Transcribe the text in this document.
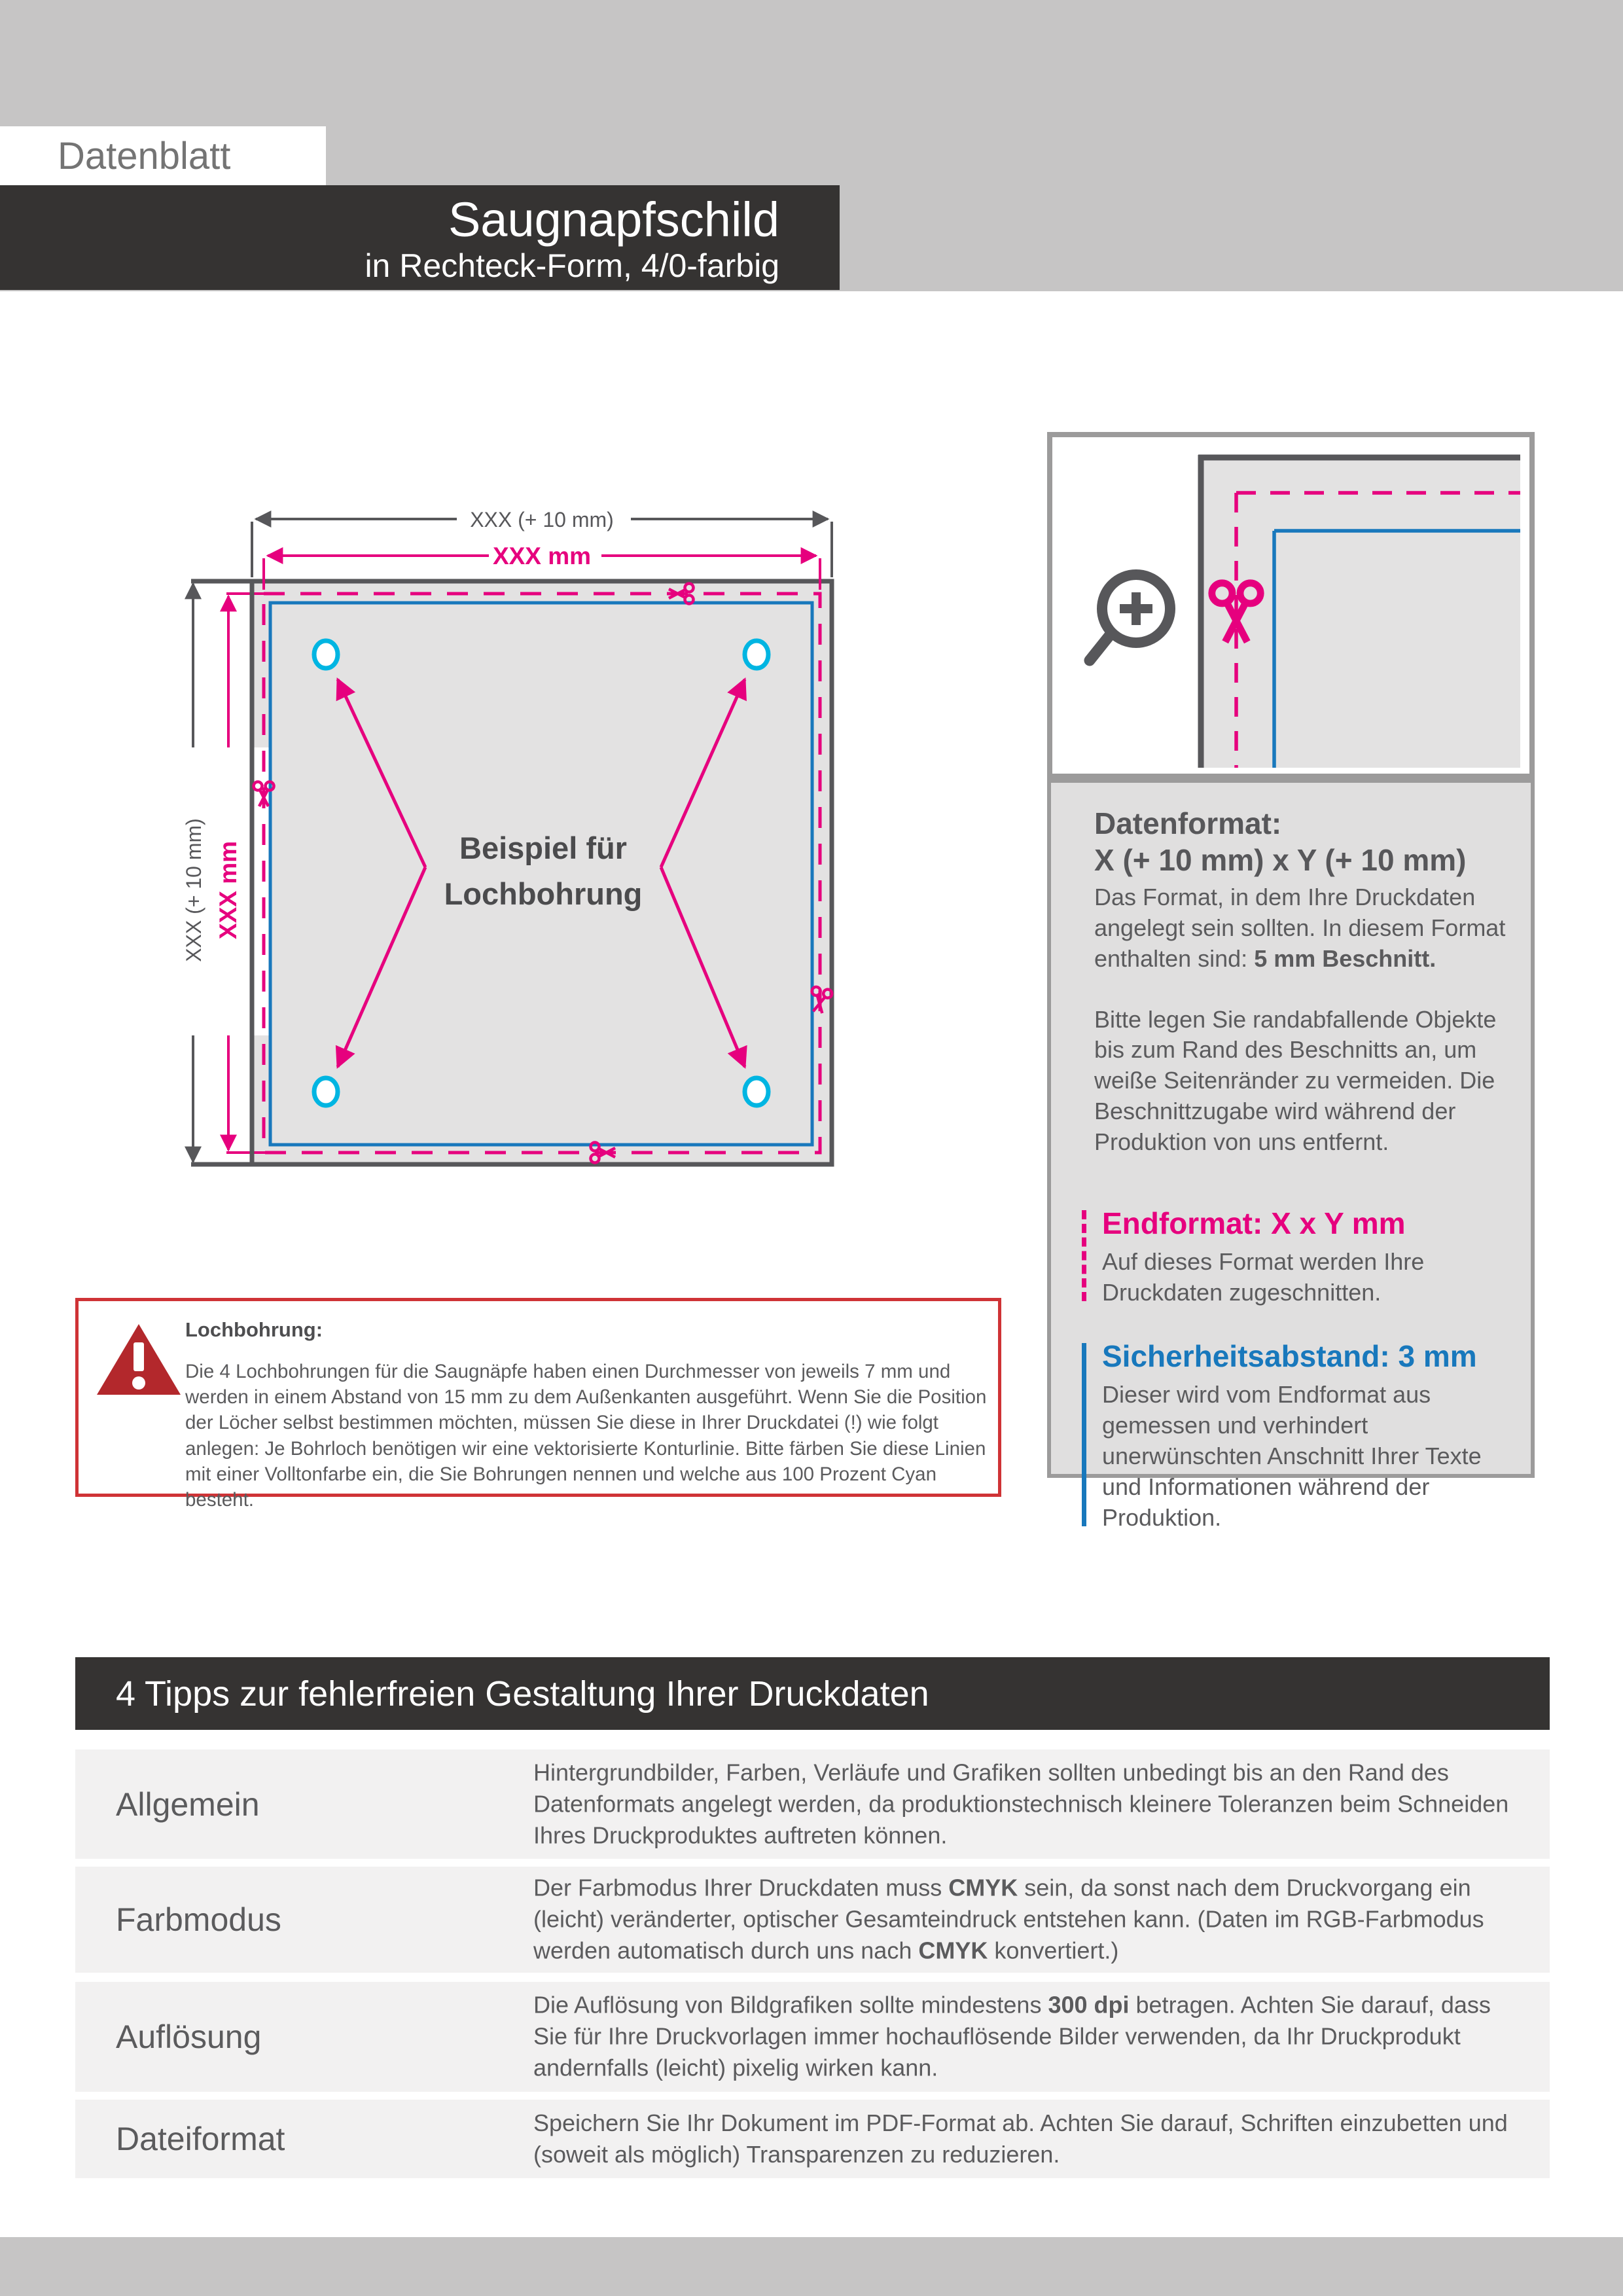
Datenblatt
Saugnapfschild
in Rechteck-Form, 4/0-farbig
XXX (+ 10 mm)
XXX mm
XXX (+ 10 mm) XXX mm	Beispiel für
Lochbohrung
Datenformat:
X (+ 10 mm) x Y (+ 10 mm)

Das Format, in dem Ihre Druckdaten angelegt sein sollten. In diesem Format enthalten sind: 5 mm Beschnitt.

Bitte legen Sie randabfallende Objekte bis zum Rand des Beschnitts an, um weiße Seitenränder zu vermeiden. Die Beschnittzugabe wird während der Produktion von uns entfernt.

Endformat: X x Y mm

Auf dieses Format werden Ihre Druckdaten zugeschnitten.

Sicherheitsabstand: 3 mm

Dieser wird vom Endformat aus gemessen und verhindert unerwünschten Anschnitt Ihrer Texte und Informationen während der Produktion.

Lochbohrung:

Die 4 Lochbohrungen für die Saugnäpfe haben einen Durchmesser von jeweils 7 mm und werden in einem Abstand von 15 mm zu dem Außenkanten ausgeführt. Wenn Sie die Position der Löcher selbst bestimmen möchten, müssen Sie diese in Ihrer Druckdatei (!) wie folgt anlegen: Je Bohrloch benötigen wir eine vektorisierte Konturlinie. Bitte färben Sie diese Linien mit einer Volltonfarbe ein, die Sie Bohrungen nennen und welche aus 100 Prozent Cyan besteht.

4 Tipps zur fehlerfreien Gestaltung Ihrer Druckdaten
Allgemein
Hintergrundbilder, Farben, Verläufe und Grafiken sollten unbedingt bis an den Rand des Datenformats angelegt werden, da produktionstechnisch kleinere Toleranzen beim Schneiden Ihres Druckproduktes auftreten können.
Farbmodus
Der Farbmodus Ihrer Druckdaten muss CMYK sein, da sonst nach dem Druckvorgang ein (leicht) veränderter, optischer Gesamteindruck entstehen kann. (Daten im RGB-Farbmodus werden automatisch durch uns nach CMYK konvertiert.)
Auflösung
Die Auflösung von Bildgrafiken sollte mindestens 300 dpi betragen. Achten Sie darauf, dass Sie für Ihre Druckvorlagen immer hochauflösende Bilder verwenden, da Ihr Druckprodukt andernfalls (leicht) pixelig wirken kann.
Dateiformat	Speichern Sie Ihr Dokument im PDF-Format ab. Achten Sie darauf, Schriften einzubetten und (soweit als möglich) Transparenzen zu reduzieren.
